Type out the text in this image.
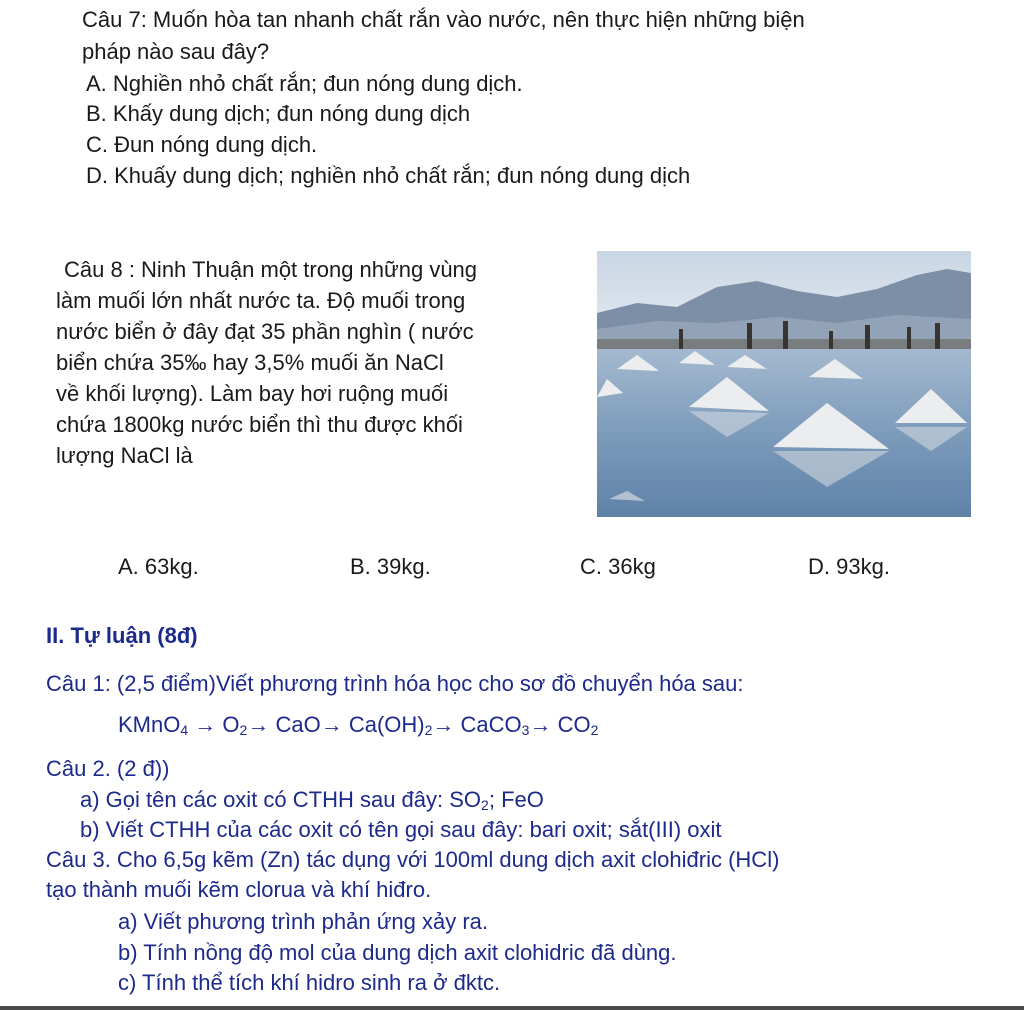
Câu 7: Muốn hòa tan nhanh chất rắn vào nước, nên thực hiện những biện
pháp nào sau đây?
A. Nghiền nhỏ chất rắn; đun nóng dung dịch.
B. Khấy dung dịch; đun nóng dung dịch
C. Đun nóng dung dịch.
D. Khuấy dung dịch; nghiền nhỏ chất rắn; đun nóng dung dịch
Câu 8 : Ninh Thuận một trong những vùng
làm muối lớn nhất nước ta. Độ muối trong
nước biển ở đây đạt 35 phần nghìn ( nước
biển chứa 35‰ hay 3,5% muối ăn NaCl
về khối lượng). Làm bay hơi ruộng muối
chứa 1800kg nước biển thì thu được khối
lượng NaCl là
A. 63kg.	B. 39kg.	C. 36kg	D. 93kg.
II. Tự luận (8đ)
Câu 1: (2,5 điểm)Viết phương trình hóa học cho sơ đồ chuyển hóa sau:
KMnO$_4$ → $O_2\to CaO\to Ca(OH)_2\to$ CaCO$_3$→ $CO_2$
Câu 2. (2 đ))
a) Gọi tên các oxit có CTHH sau đây: $SO_2$; FeO
b) Viết CTHH của các oxit có tên gọi sau đây: bari oxit; sắt(III) oxit
Câu 3. Cho 6,5g kẽm (Zn) tác dụng với 100ml dung dịch axit clohiđric (HCl)
tạo thành muối kẽm clorua và khí hiđro.
a) Viết phương trình phản ứng xảy ra.
b) Tính nồng độ mol của dung dịch axit clohidric đã dùng.
c) Tính thể tích khí hidro sinh ra ở đktc.
